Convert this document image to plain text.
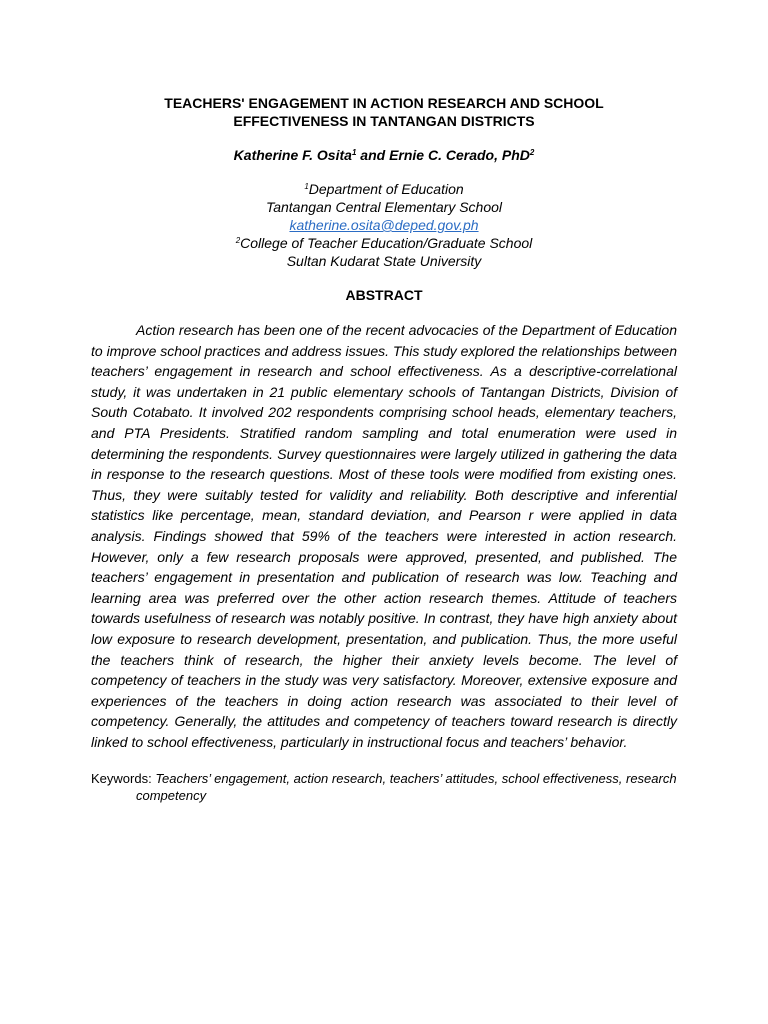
TEACHERS' ENGAGEMENT IN ACTION RESEARCH AND SCHOOL
EFFECTIVENESS IN TANTANGAN DISTRICTS
Katherine F. Osita$^1$ and Ernie C. Cerado, PhD$^2$
$^1$Department of Education
Tantangan Central Elementary School
katherine.osita@deped.gov.ph
$^2$College of Teacher Education/Graduate School
Sultan Kudarat State University
ABSTRACT

Action research has been one of the recent advocacies of the Department of Education to improve school practices and address issues. This study explored the relationships between teachers’ engagement in research and school effectiveness. As a descriptive-correlational study, it was undertaken in 21 public elementary schools of Tantangan Districts, Division of South Cotabato. It involved 202 respondents comprising school heads, elementary teachers, and PTA Presidents. Stratified random sampling and total enumeration were used in determining the respondents. Survey questionnaires were largely utilized in gathering the data in response to the research questions. Most of these tools were modified from existing ones. Thus, they were suitably tested for validity and reliability. Both descriptive and inferential statistics like percentage, mean, standard deviation, and Pearson r were applied in data analysis. Findings showed that 59% of the teachers were interested in action research. However, only a few research proposals were approved, presented, and published. The teachers’ engagement in presentation and publication of research was low. Teaching and learning area was preferred over the other action research themes. Attitude of teachers towards usefulness of research was notably positive. In contrast, they have high anxiety about low exposure to research development, presentation, and publication. Thus, the more useful the teachers think of research, the higher their anxiety levels become. The level of competency of teachers in the study was very satisfactory. Moreover, extensive exposure and experiences of the teachers in doing action research was associated to their level of competency. Generally, the attitudes and competency of teachers toward research is directly linked to school effectiveness, particularly in instructional focus and teachers’ behavior.

Keywords: Teachers’ engagement, action research, teachers’ attitudes, school effectiveness, research competency
